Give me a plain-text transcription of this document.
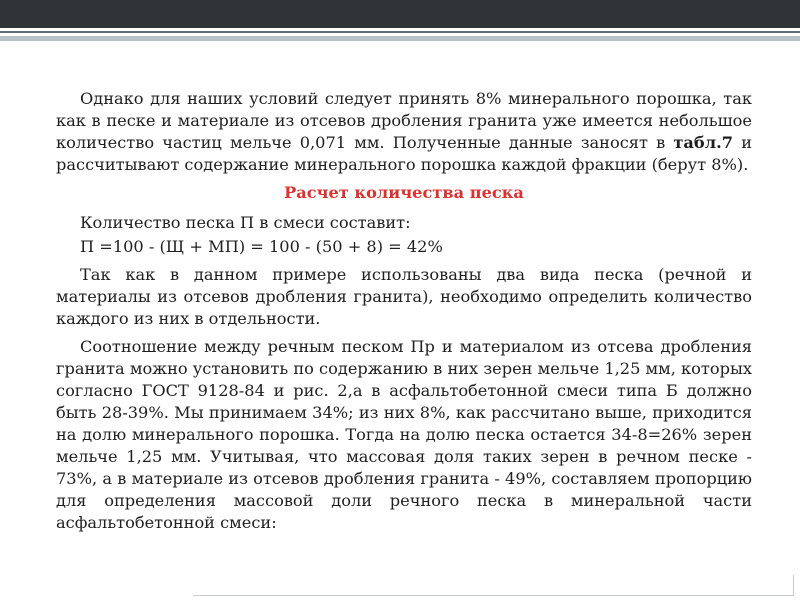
Однако для наших условий следует принять 8% минерального порошка, так как в песке и материале из отсевов дробления гранита уже имеется небольшое количество частиц мельче 0,071 мм. Полученные данные заносят в табл.7 и рассчитывают содержание минерального порошка каждой фракции (берут 8%).

Расчет количества песка

Количество песка П в смеси составит:

П =100 - (Щ + МП) = 100 - (50 + 8) = 42%

Так как в данном примере использованы два вида песка (речной и материалы из отсевов дробления гранита), необходимо определить количество каждого из них в отдельности.

Соотношение между речным песком Пр и материалом из отсева дробления гранита можно установить по содержанию в них зерен мельче 1,25 мм, которых согласно ГОСТ 9128-84 и рис. 2,а в асфальтобетонной смеси типа Б должно быть 28-39%. Мы принимаем 34%; из них 8%, как рассчитано выше, приходится на долю минерального порошка. Тогда на долю песка остается 34-8=26% зерен мельче 1,25 мм. Учитывая, что массовая доля таких зерен в речном песке - 73%, а в материале из отсевов дробления гранита - 49%, составляем пропорцию для определения массовой доли речного песка в минеральной части асфальтобетонной смеси:
